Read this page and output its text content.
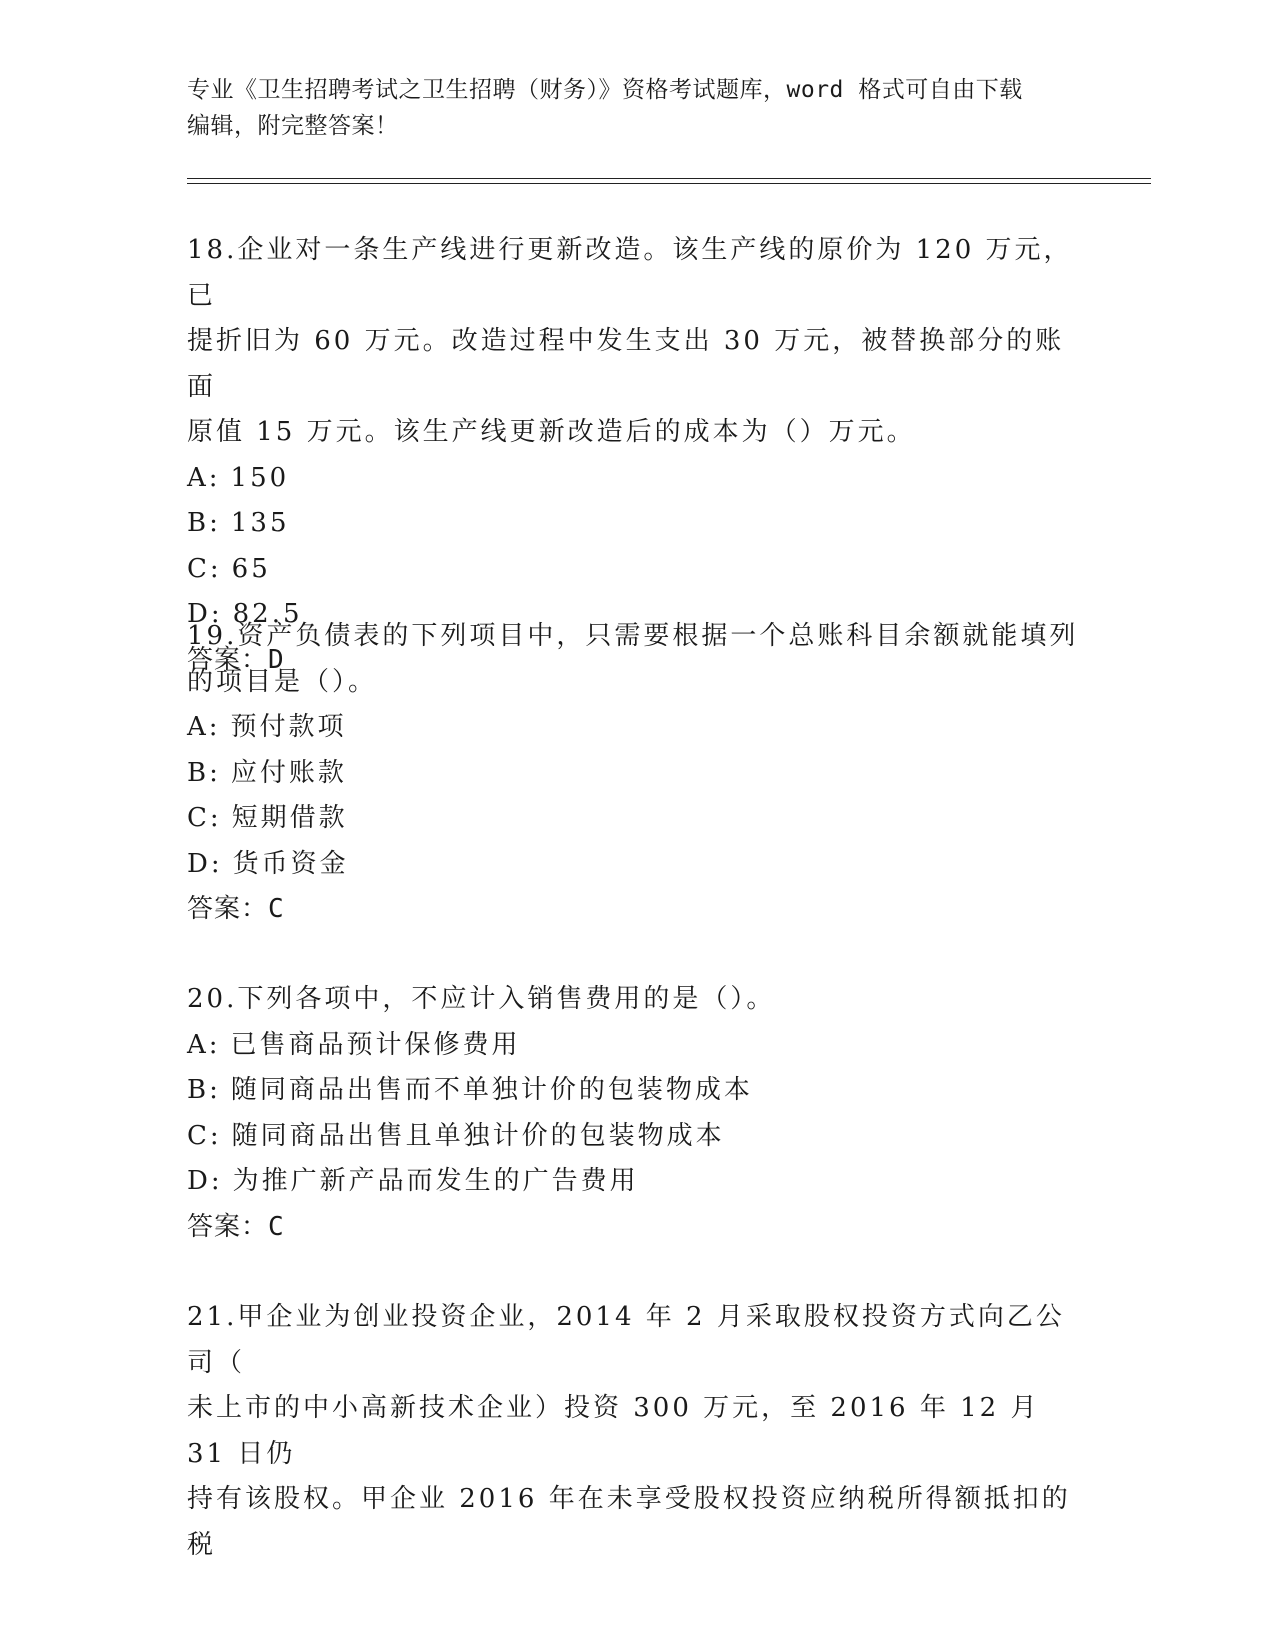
专业《卫生招聘考试之卫生招聘（财务）》资格考试题库，word 格式可自由下载
编辑，附完整答案！
18.企业对一条生产线进行更新改造。该生产线的原价为 120 万元，已
提折旧为 60 万元。改造过程中发生支出 30 万元，被替换部分的账面
原值 15 万元。该生产线更新改造后的成本为（）万元。
A: 150
B: 135
C: 65
D: 82.5
答案：D
19.资产负债表的下列项目中，只需要根据一个总账科目余额就能填列
的项目是（）。
A: 预付款项
B: 应付账款
C: 短期借款
D: 货币资金
答案：C
20.下列各项中，不应计入销售费用的是（）。
A: 已售商品预计保修费用
B: 随同商品出售而不单独计价的包装物成本
C: 随同商品出售且单独计价的包装物成本
D: 为推广新产品而发生的广告费用
答案：C
21.甲企业为创业投资企业，2014 年 2 月采取股权投资方式向乙公司（
未上市的中小高新技术企业）投资 300 万元，至 2016 年 12 月 31 日仍
持有该股权。甲企业 2016 年在未享受股权投资应纳税所得额抵扣的税
